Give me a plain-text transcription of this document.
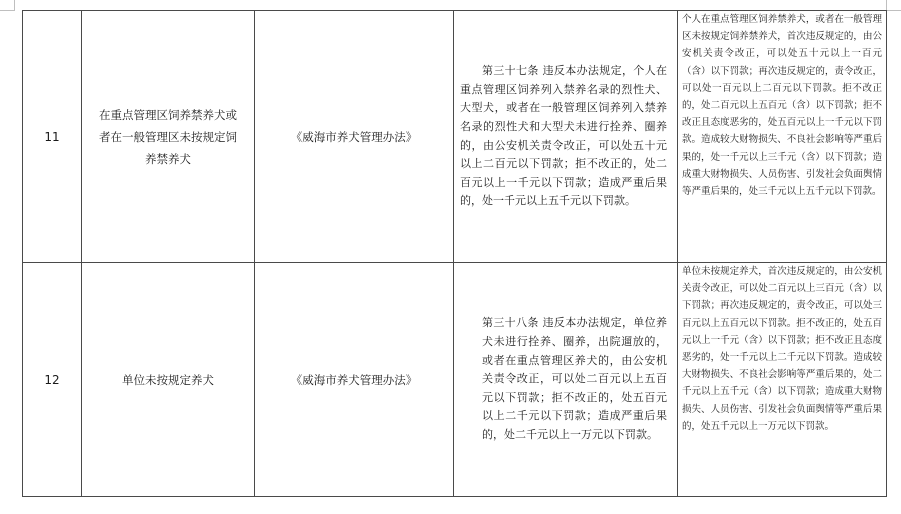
11	在重点管理区饲养禁养犬或者在一般管理区未按规定饲养禁养犬	《威海市养犬管理办法》	第三十七条 违反本办法规定，个人在重点管理区饲养列入禁养名录的烈性犬、大型犬，或者在一般管理区饲养列入禁养名录的烈性犬和大型犬未进行拴养、圈养的，由公安机关责令改正，可以处五十元以上二百元以下罚款；拒不改正的，处二百元以上一千元以下罚款；造成严重后果的，处一千元以上五千元以下罚款。	个人在重点管理区饲养禁养犬，或者在一般管理区未按规定饲养禁养犬，首次违反规定的，由公安机关责令改正，可以处五十元以上一百元（含）以下罚款；再次违反规定的，责令改正，可以处一百元以上二百元以下罚款。拒不改正的，处二百元以上五百元（含）以下罚款；拒不改正且态度恶劣的，处五百元以上一千元以下罚款。造成较大财物损失、不良社会影响等严重后果的，处一千元以上三千元（含）以下罚款；造成重大财物损失、人员伤害、引发社会负面舆情等严重后果的，处三千元以上五千元以下罚款。
12	单位未按规定养犬	《威海市养犬管理办法》	第三十八条 违反本办法规定，单位养犬未进行拴养、圈养，出院遛放的，或者在重点管理区养犬的，由公安机关责令改正，可以处二百元以上五百元以下罚款；拒不改正的，处五百元以上二千元以下罚款；造成严重后果的，处二千元以上一万元以下罚款。	单位未按规定养犬，首次违反规定的，由公安机关责令改正，可以处二百元以上三百元（含）以下罚款；再次违反规定的，责令改正，可以处三百元以上五百元以下罚款。拒不改正的，处五百元以上一千元（含）以下罚款；拒不改正且态度恶劣的，处一千元以上二千元以下罚款。造成较大财物损失、不良社会影响等严重后果的，处二千元以上五千元（含）以下罚款；造成重大财物损失、人员伤害、引发社会负面舆情等严重后果的，处五千元以上一万元以下罚款。
